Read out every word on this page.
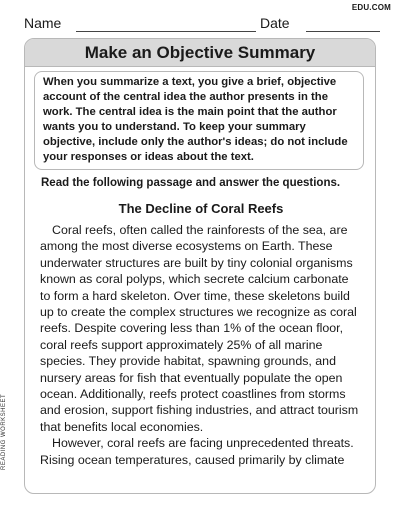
EDU.COM
Name	Date
Make an Objective Summary
When you summarize a text, you give a brief, objective account of the central idea the author presents in the work. The central idea is the main point that the author wants you to understand. To keep your summary objective, include only the author's ideas; do not include your responses or ideas about the text.
Read the following passage and answer the questions.
The Decline of Coral Reefs

Coral reefs, often called the rainforests of the sea, are among the most diverse ecosystems on Earth. These underwater structures are built by tiny colonial organisms known as coral polyps, which secrete calcium carbonate to form a hard skeleton. Over time, these skeletons build up to create the complex structures we recognize as coral reefs. Despite covering less than 1% of the ocean floor, coral reefs support approximately 25% of all marine species. They provide habitat, spawning grounds, and nursery areas for fish that eventually populate the open ocean. Additionally, reefs protect coastlines from storms and erosion, support fishing industries, and attract tourism that benefits local economies.

However, coral reefs are facing unprecedented threats. Rising ocean temperatures, caused primarily by climate

READING WORKSHEET
